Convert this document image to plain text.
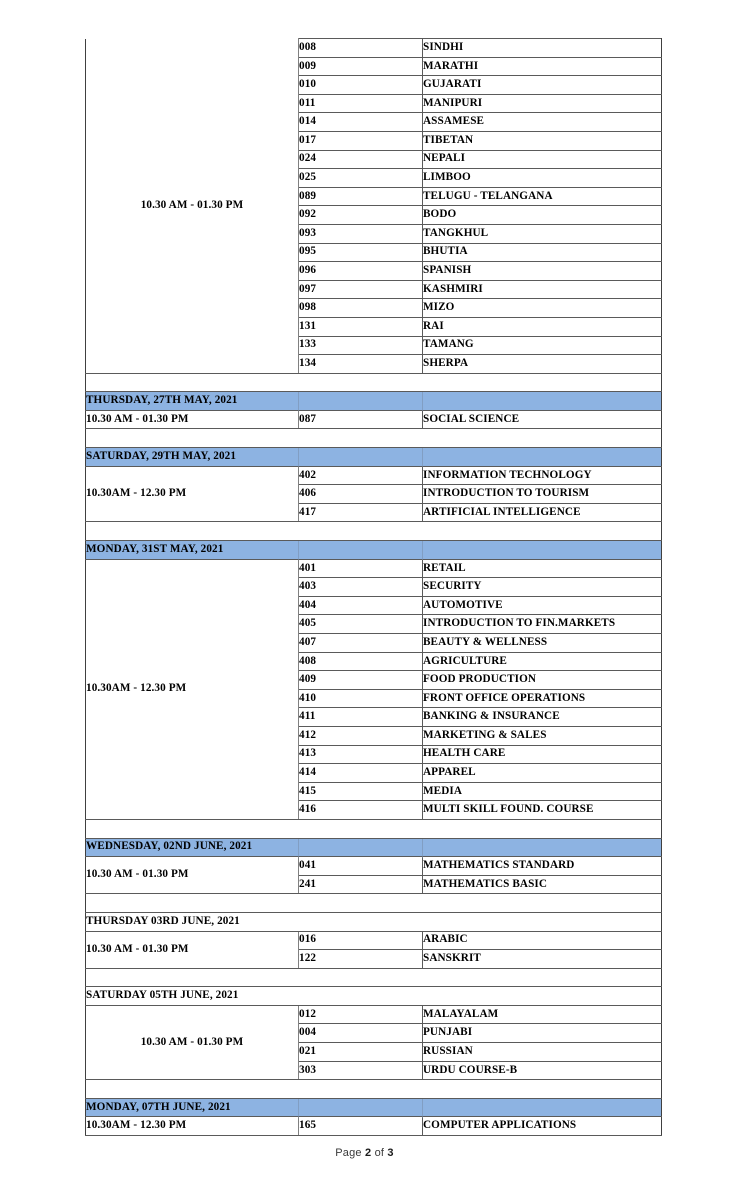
10.30 AM - 01.30 PM	008	SINDHI
	009	MARATHI
	010	GUJARATI
	011	MANIPURI
	014	ASSAMESE
	017	TIBETAN
	024	NEPALI
	025	LIMBOO
	089	TELUGU - TELANGANA
	092	BODO
	093	TANGKHUL
	095	BHUTIA
	096	SPANISH
	097	KASHMIRI
	098	MIZO
	131	RAI
	133	TAMANG
	134	SHERPA

THURSDAY, 27TH MAY, 2021		

10.30 AM - 01.30 PM	087	SOCIAL SCIENCE

SATURDAY, 29TH MAY, 2021		

10.30AM - 12.30 PM	402	INFORMATION TECHNOLOGY
	406	INTRODUCTION TO TOURISM
	417	ARTIFICIAL INTELLIGENCE

MONDAY, 31ST MAY, 2021		

10.30AM - 12.30 PM	401	RETAIL
	403	SECURITY
	404	AUTOMOTIVE
	405	INTRODUCTION TO FIN.MARKETS
	407	BEAUTY & WELLNESS
	408	AGRICULTURE
	409	FOOD PRODUCTION
	410	FRONT OFFICE OPERATIONS
	411	BANKING & INSURANCE
	412	MARKETING & SALES
	413	HEALTH CARE
	414	APPAREL
	415	MEDIA
	416	MULTI SKILL FOUND. COURSE

WEDNESDAY, 02ND JUNE, 2021		

10.30 AM - 01.30 PM	041	MATHEMATICS STANDARD
	241	MATHEMATICS BASIC

THURSDAY 03RD JUNE, 2021		
10.30 AM - 01.30 PM	016	ARABIC
	122	SANSKRIT

SATURDAY 05TH JUNE, 2021		
10.30 AM - 01.30 PM	012	MALAYALAM
	004	PUNJABI
	021	RUSSIAN
	303	URDU COURSE-B

MONDAY, 07TH JUNE, 2021		

10.30AM - 12.30 PM	165	COMPUTER APPLICATIONS
Page 2 of 3
